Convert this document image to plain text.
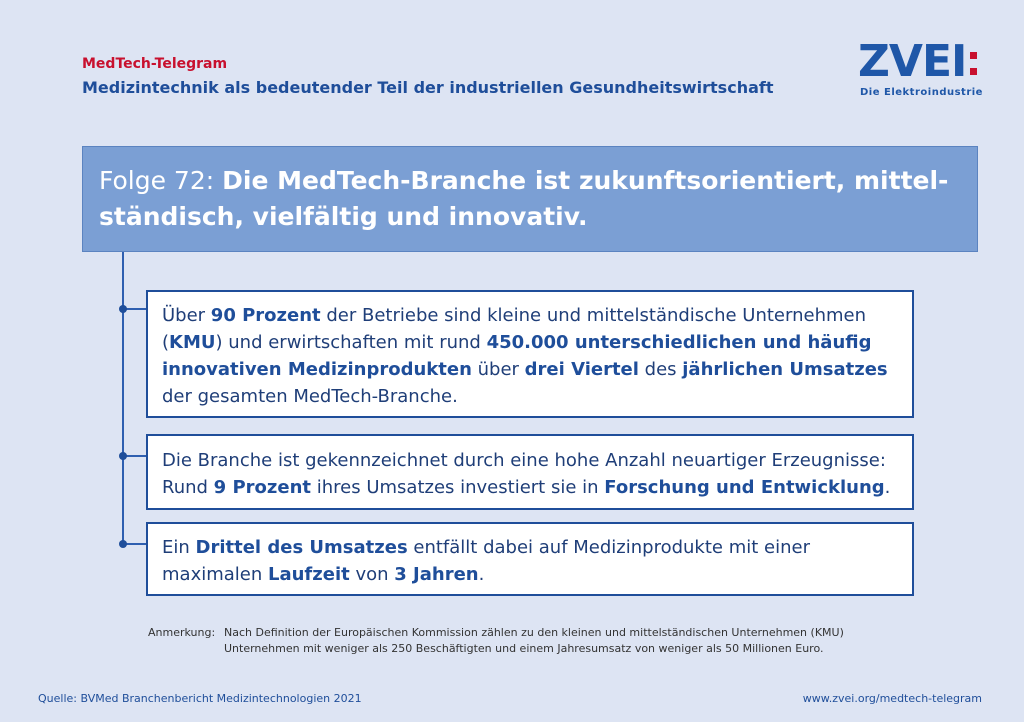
MedTech-Telegram
Medizintechnik als bedeutender Teil der industriellen Gesundheitswirtschaft
ZVEI
Die Elektroindustrie
Folge 72: Die MedTech-Branche ist zukunftsorientiert, mittel-ständisch, vielfältig und innovativ.
Über 90 Prozent der Betriebe sind kleine und mittelständische Unternehmen (KMU) und erwirtschaften mit rund 450.000 unterschiedlichen und häufig innovativen Medizinprodukten über drei Viertel des jährlichen Umsatzes der gesamten MedTech-Branche.
Die Branche ist gekennzeichnet durch eine hohe Anzahl neuartiger Erzeugnisse: Rund 9 Prozent ihres Umsatzes investiert sie in Forschung und Entwicklung.
Ein Drittel des Umsatzes entfällt dabei auf Medizinprodukte mit einer maximalen Laufzeit von 3 Jahren.
Anmerkung: Nach Definition der Europäischen Kommission zählen zu den kleinen und mittelständischen Unternehmen (KMU)
Unternehmen mit weniger als 250 Beschäftigten und einem Jahresumsatz von weniger als 50 Millionen Euro.
Quelle: BVMed Branchenbericht Medizintechnologien 2021	www.zvei.org/medtech-telegram
